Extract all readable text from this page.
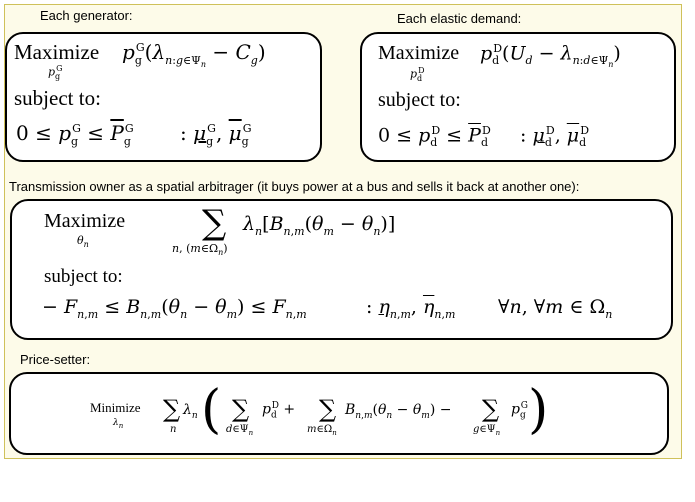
Each generator:	Each elastic demand:
Transmission owner as a spatial arbitrager (it buys power at a bus and sells it back at another one):
Price-setter:
Maximize $p_g^G(\lambda_{n:g\in\Psi_n} - C_g)$
$p_g^G$
subject to:
$0 \le p_g^G \le \overline{P}_g^G$ : $\mu_g^G$, $\overline{\mu}_g^G$
Maximize $p_d^D(U_d - \lambda_{n:d\in\Psi_n})$
$p_d^D$
subject to:
$0 \le p_d^D \le \overline{P}_d^D$ : $\mu_d^D$, $\overline{\mu}_d^D$
Maximize
$\theta_n$
∑
n, $(m\in\Omega_n)$
$\lambda_n[B_{n,m}(\theta_m - \theta_n)]$
subject to:
− $F_{n,m} \le B_{n,m}(\theta_n - \theta_m) \le F_{n,m}$	: $\eta_{n,m}$, $\overline{\eta}_{n,m}$ ∀n, ∀m ∈ $\Omega_n$
Minimize
$\lambda_n$
∑
n
$\lambda_n$ ( ∑
$d\in\Psi_n$
$p_d^D$ + ∑
$m\in\Omega_n$
$B_{n,m}(\theta_n - \theta_m)$ − ∑
$g\in\Psi_n$
$p_g^G$ )
